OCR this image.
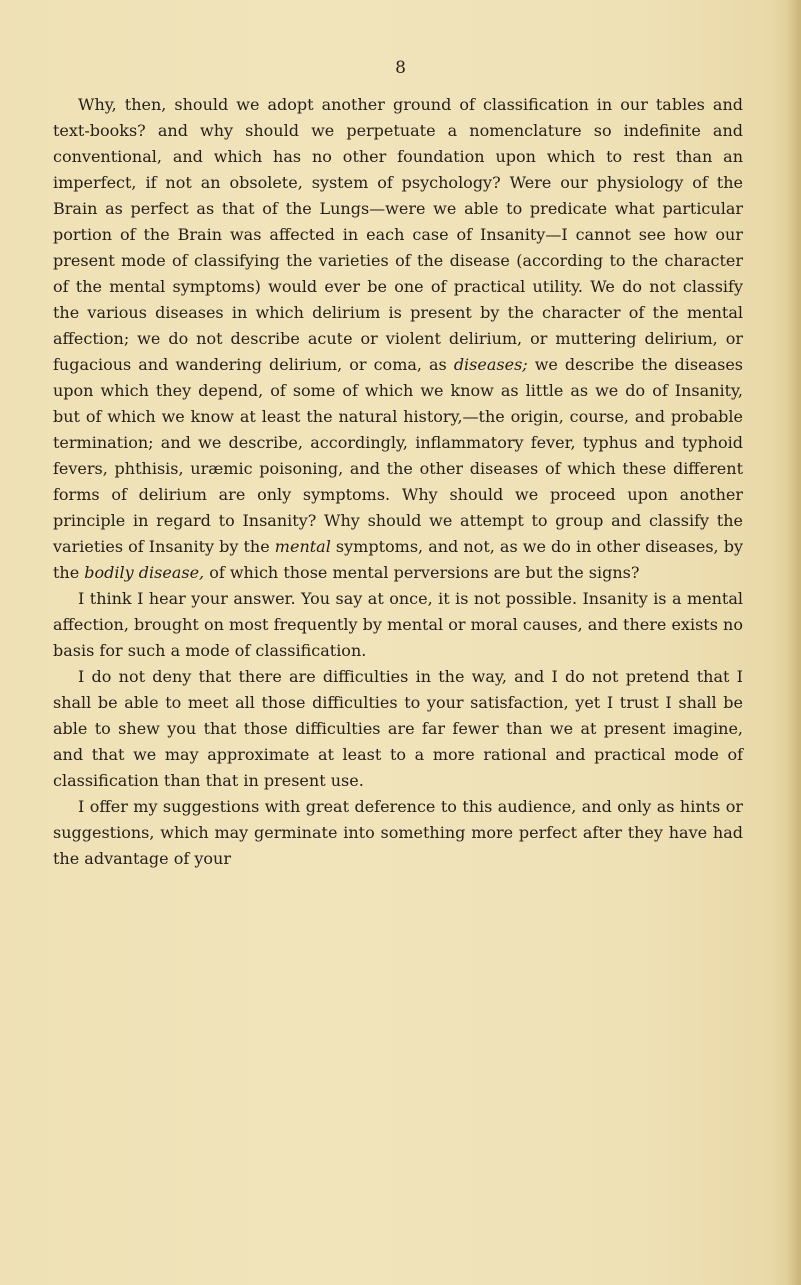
8

Why, then, should we adopt another ground of classification in our tables and text-books? and why should we perpetuate a nomenclature so indefinite and conventional, and which has no other foundation upon which to rest than an imperfect, if not an obsolete, system of psychology? Were our physiology of the Brain as perfect as that of the Lungs—were we able to predicate what particular portion of the Brain was affected in each case of Insanity—I cannot see how our present mode of classifying the varieties of the disease (according to the character of the mental symptoms) would ever be one of practical utility. We do not classify the various diseases in which delirium is present by the character of the mental affection; we do not describe acute or violent delirium, or muttering delirium, or fugacious and wandering delirium, or coma, as diseases; we describe the diseases upon which they depend, of some of which we know as little as we do of Insanity, but of which we know at least the natural history,—the origin, course, and probable termination; and we describe, accordingly, inflammatory fever, typhus and typhoid fevers, phthisis, uræmic poisoning, and the other diseases of which these different forms of delirium are only symptoms. Why should we proceed upon another principle in regard to Insanity? Why should we attempt to group and classify the varieties of Insanity by the mental symptoms, and not, as we do in other diseases, by the bodily disease, of which those mental perversions are but the signs?

I think I hear your answer. You say at once, it is not possible. Insanity is a mental affection, brought on most frequently by mental or moral causes, and there exists no basis for such a mode of classification.

I do not deny that there are difficulties in the way, and I do not pretend that I shall be able to meet all those difficulties to your satisfaction, yet I trust I shall be able to shew you that those difficulties are far fewer than we at present imagine, and that we may approximate at least to a more rational and practical mode of classification than that in present use.

I offer my suggestions with great deference to this audience, and only as hints or suggestions, which may germinate into something more perfect after they have had the advantage of your
